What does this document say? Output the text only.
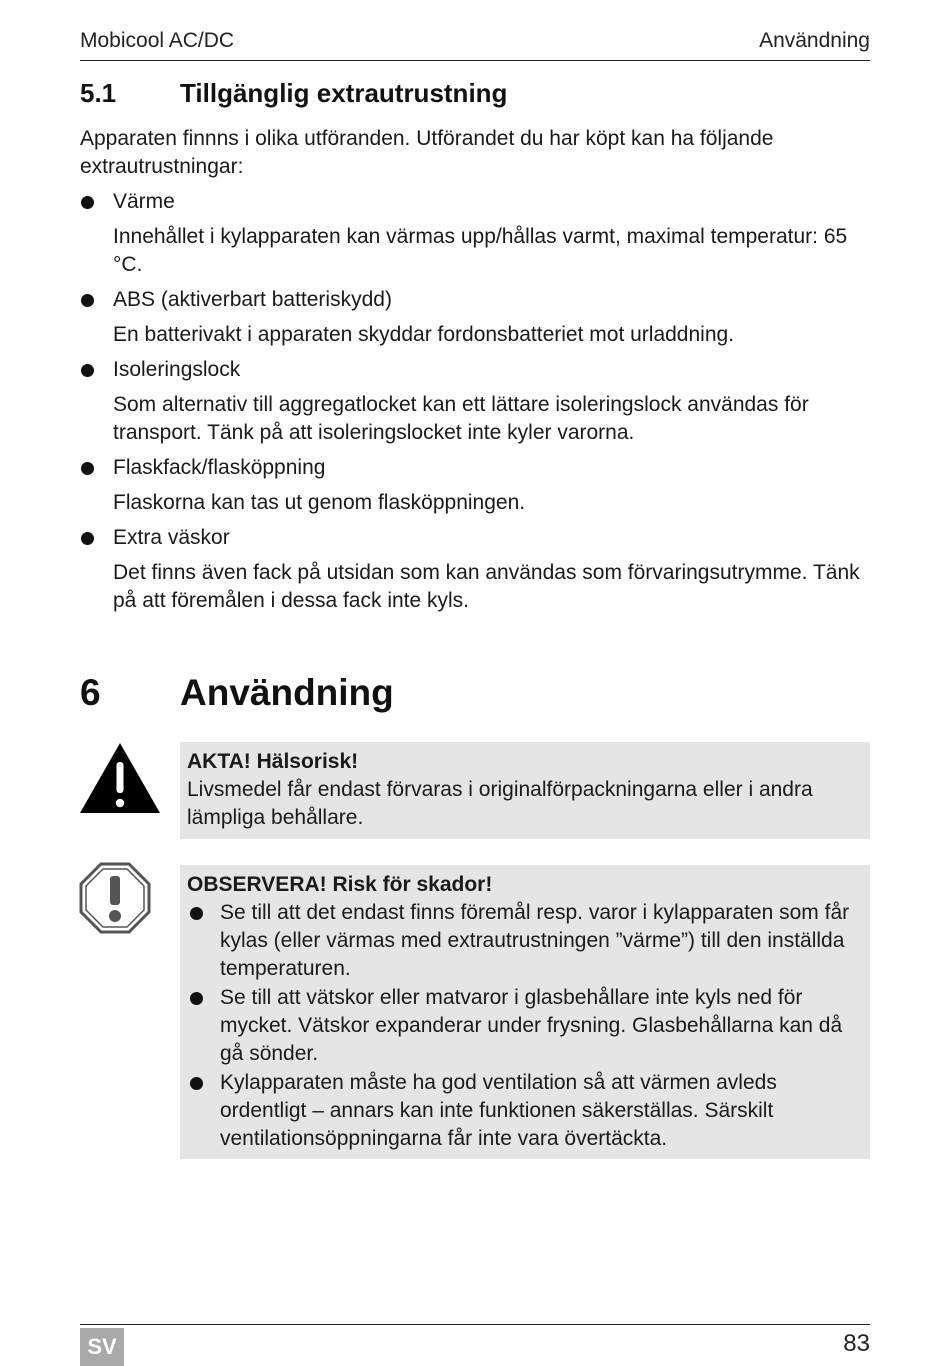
Mobicool AC/DC	Användning
5.1 Tillgänglig extrautrustning
Apparaten finnns i olika utföranden. Utförandet du har köpt kan ha följande extrautrustningar:
Värme
Innehållet i kylapparaten kan värmas upp/hållas varmt, maximal temperatur: 65 °C.
ABS (aktiverbart batteriskydd)
En batterivakt i apparaten skyddar fordonsbatteriet mot urladdning.
Isoleringslock
Som alternativ till aggregatlocket kan ett lättare isoleringslock användas för transport. Tänk på att isoleringslocket inte kyler varorna.
Flaskfack/flasköppning
Flaskorna kan tas ut genom flasköppningen.
Extra väskor
Det finns även fack på utsidan som kan användas som förvaringsutrymme. Tänk på att föremålen i dessa fack inte kyls.
6 Användning
AKTA! Hälsorisk!
Livsmedel får endast förvaras i originalförpackningarna eller i andra lämpliga behållare.
OBSERVERA! Risk för skador!
Se till att det endast finns föremål resp. varor i kylapparaten som får kylas (eller värmas med extrautrustningen ”värme”) till den inställda temperaturen.
Se till att vätskor eller matvaror i glasbehållare inte kyls ned för mycket. Vätskor expanderar under frysning. Glasbehållarna kan då gå sönder.
Kylapparaten måste ha god ventilation så att värmen avleds ordentligt – annars kan inte funktionen säkerställas. Särskilt ventilationsöppningarna får inte vara övertäckta.
SV	83
